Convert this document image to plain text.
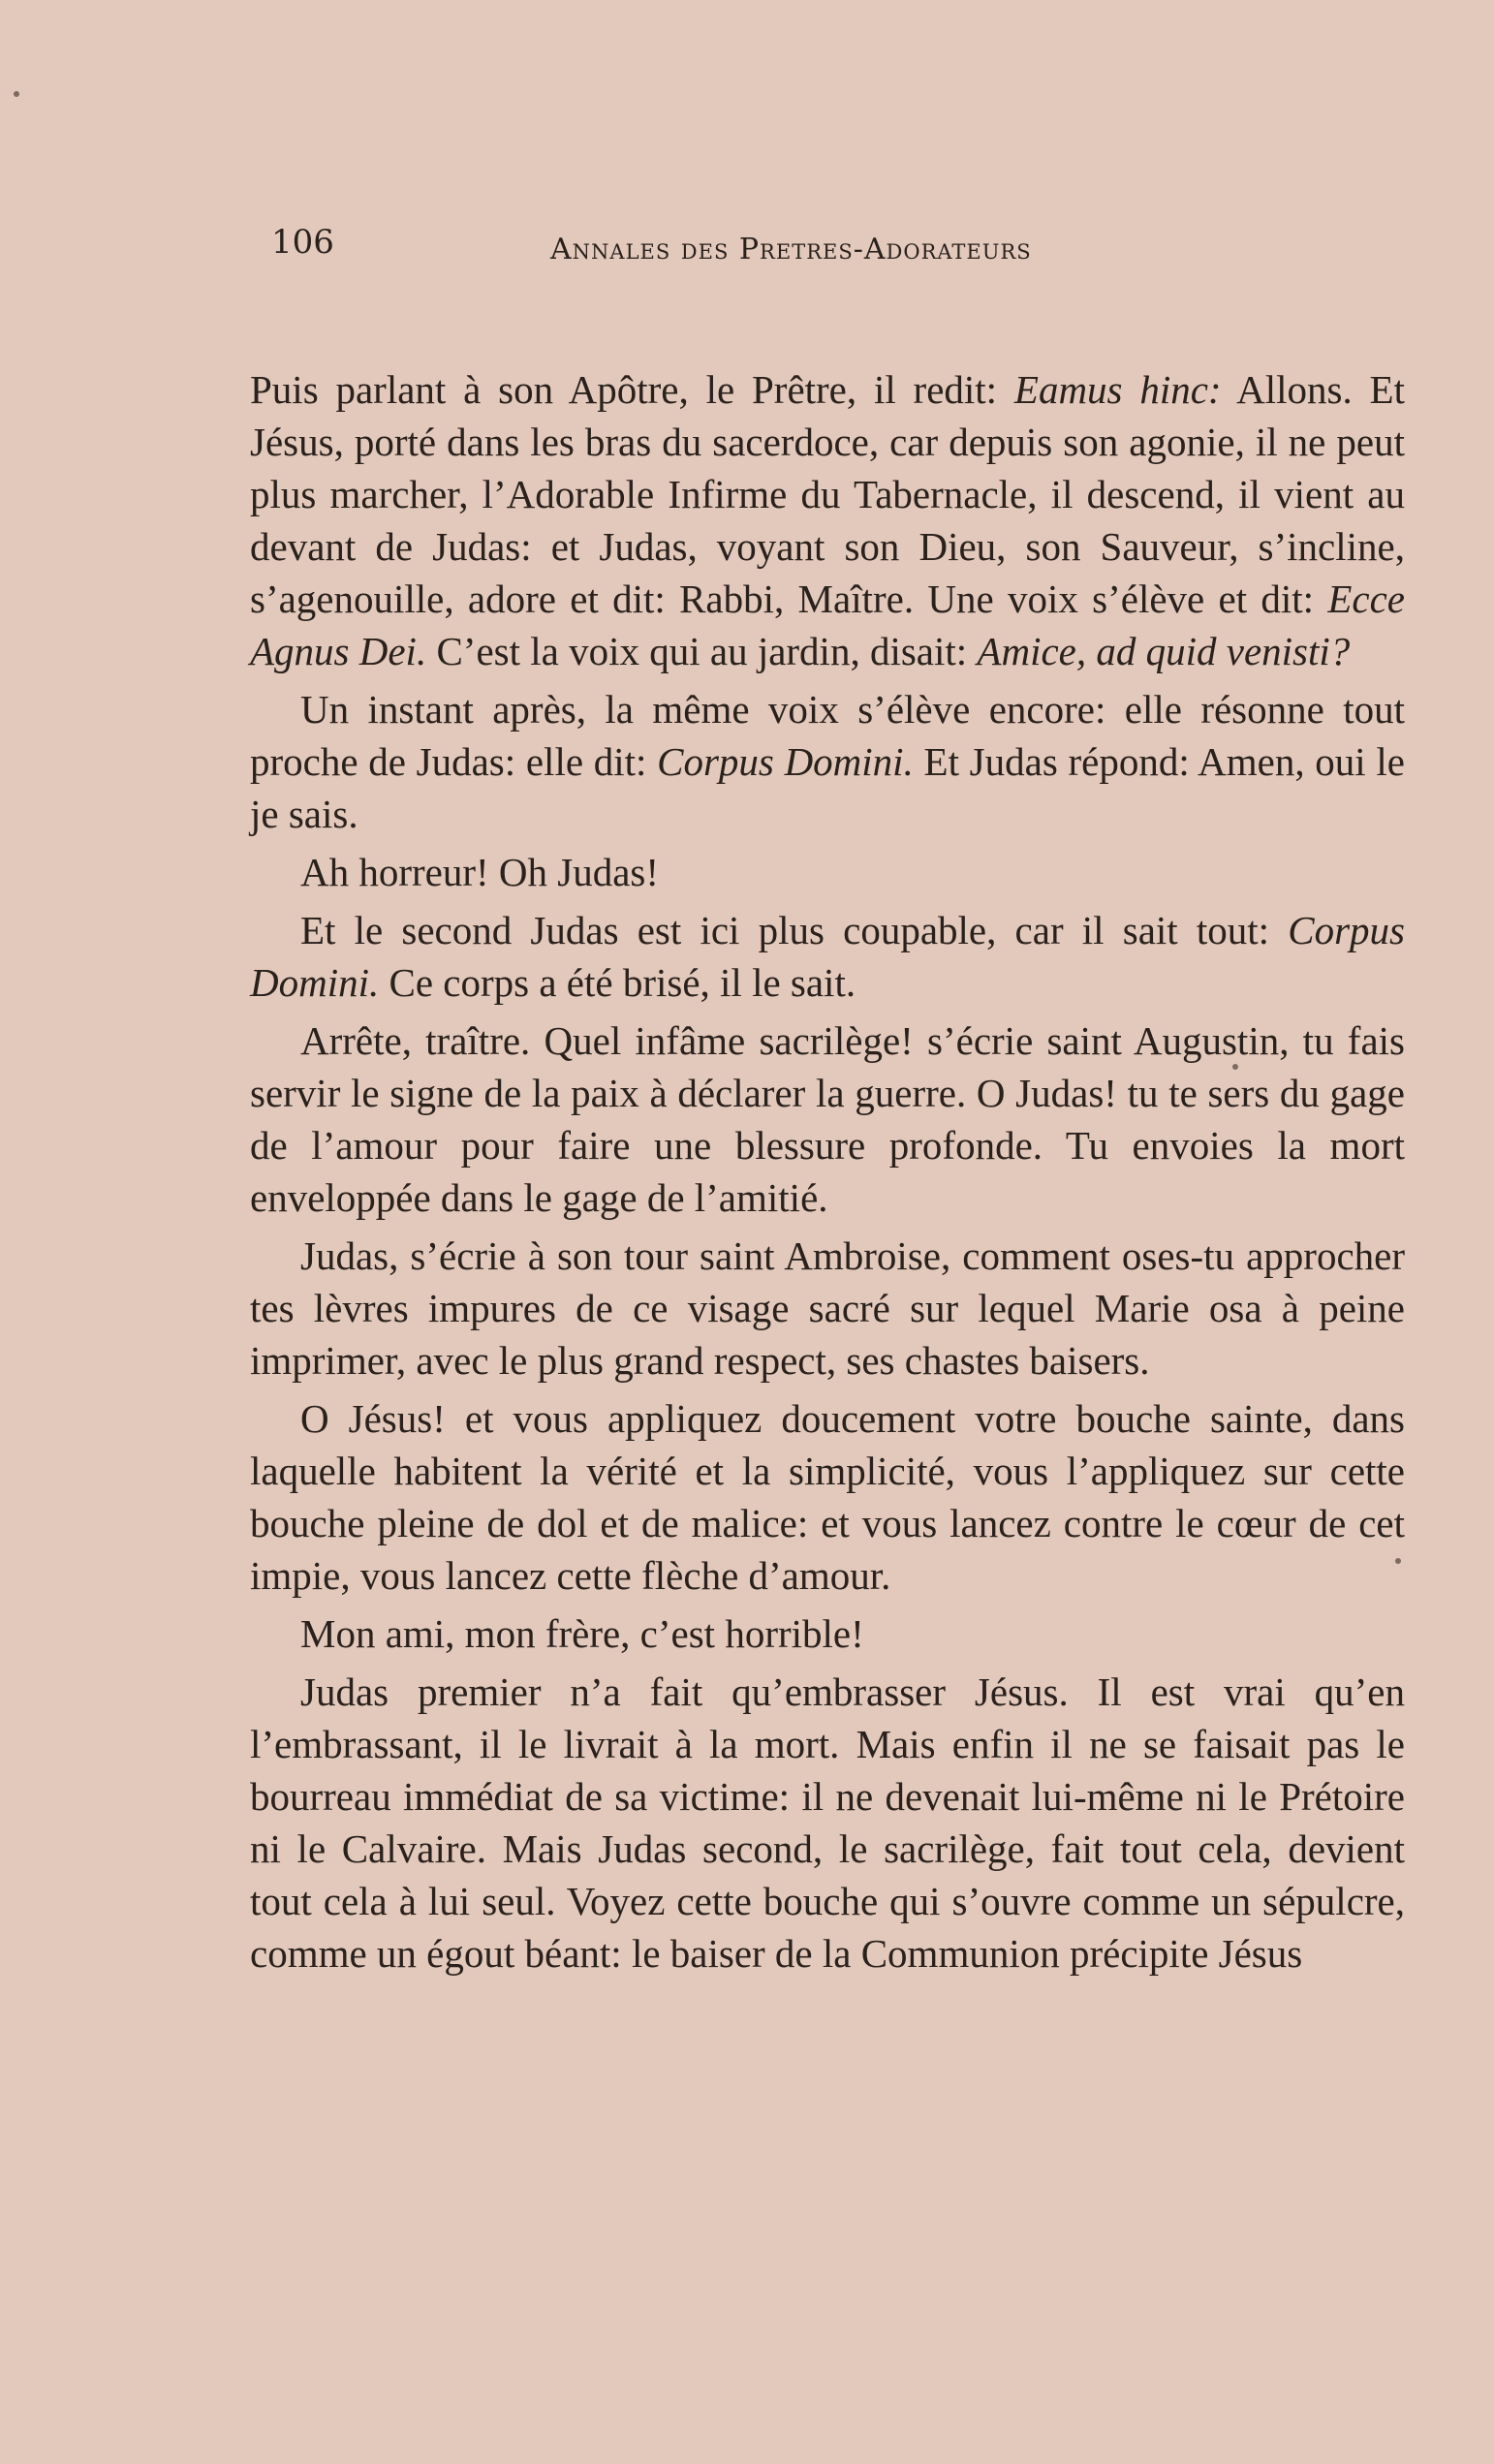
106	Annales des Pretres-Adorateurs

Puis parlant à son Apôtre, le Prêtre, il redit: Eamus hinc: Allons. Et Jésus, porté dans les bras du sacerdoce, car depuis son agonie, il ne peut plus marcher, l’Adorable Infirme du Tabernacle, il descend, il vient au devant de Judas: et Judas, voyant son Dieu, son Sauveur, s’incline, s’agenouille, adore et dit: Rabbi, Maître. Une voix s’élève et dit: Ecce Agnus Dei. C’est la voix qui au jardin, disait: Amice, ad quid venisti?

Un instant après, la même voix s’élève encore: elle résonne tout proche de Judas: elle dit: Corpus Domini. Et Judas répond: Amen, oui le je sais.

Ah horreur! Oh Judas!

Et le second Judas est ici plus coupable, car il sait tout: Corpus Domini. Ce corps a été brisé, il le sait.

Arrête, traître. Quel infâme sacrilège! s’écrie saint Augustin, tu fais servir le signe de la paix à déclarer la guerre. O Judas! tu te sers du gage de l’amour pour faire une blessure profonde. Tu envoies la mort enveloppée dans le gage de l’amitié.

Judas, s’écrie à son tour saint Ambroise, comment oses-tu approcher tes lèvres impures de ce visage sacré sur lequel Marie osa à peine imprimer, avec le plus grand respect, ses chastes baisers.

O Jésus! et vous appliquez doucement votre bouche sainte, dans laquelle habitent la vérité et la simplicité, vous l’appliquez sur cette bouche pleine de dol et de malice: et vous lancez contre le cœur de cet impie, vous lancez cette flèche d’amour.

Mon ami, mon frère, c’est horrible!

Judas premier n’a fait qu’embrasser Jésus. Il est vrai qu’en l’embrassant, il le livrait à la mort. Mais enfin il ne se faisait pas le bourreau immédiat de sa victime: il ne devenait lui-même ni le Prétoire ni le Calvaire. Mais Judas second, le sacrilège, fait tout cela, devient tout cela à lui seul. Voyez cette bouche qui s’ouvre comme un sépulcre, comme un égout béant: le baiser de la Communion précipite Jésus
